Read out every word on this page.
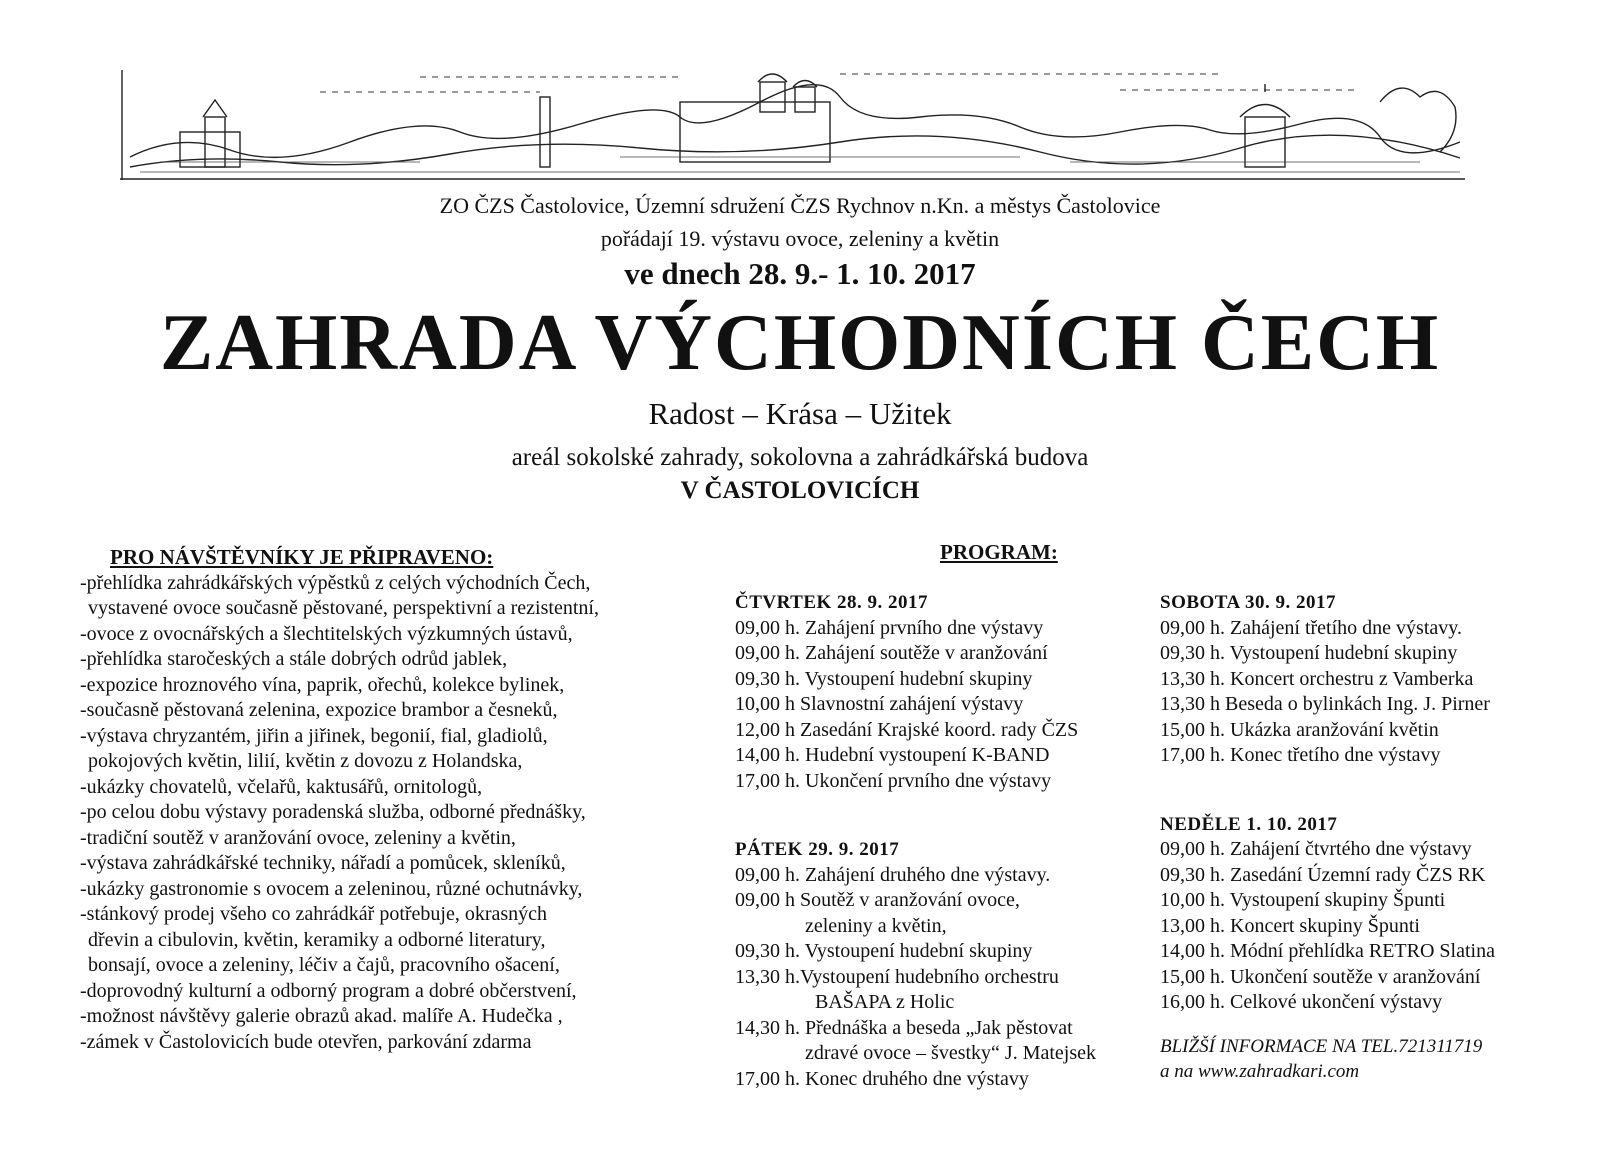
ZO ČZS Častolovice, Územní sdružení ČZS Rychnov n.Kn. a městys Častolovice
pořádají 19. výstavu ovoce, zeleniny a květin
ve dnech 28. 9.- 1. 10. 2017
ZAHRADA VÝCHODNÍCH ČECH
Radost – Krása – Užitek
areál sokolské zahrady, sokolovna a zahrádkářská budova
V ČASTOLOVICÍCH
PRO NÁVŠTĚVNÍKY JE PŘIPRAVENO:
-přehlídka zahrádkářských výpěstků z celých východních Čech,
vystavené ovoce současně pěstované, perspektivní a rezistentní,
-ovoce z ovocnářských a šlechtitelských výzkumných ústavů,
-přehlídka staročeských a stále dobrých odrůd jablek,
-expozice hroznového vína, paprik, ořechů, kolekce bylinek,
-současně pěstovaná zelenina, expozice brambor a česneků,
-výstava chryzantém, jiřin a jiřinek, begonií, fial, gladiolů,
pokojových květin, lilií, květin z dovozu z Holandska,
-ukázky chovatelů, včelařů, kaktusářů, ornitologů,
-po celou dobu výstavy poradenská služba, odborné přednášky,
-tradiční soutěž v aranžování ovoce, zeleniny a květin,
-výstava zahrádkářské techniky, nářadí a pomůcek, skleníků,
-ukázky gastronomie s ovocem a zeleninou, různé ochutnávky,
-stánkový prodej všeho co zahrádkář potřebuje, okrasných
dřevin a cibulovin, květin, keramiky a odborné literatury,
bonsají, ovoce a zeleniny, léčiv a čajů, pracovního ošacení,
-doprovodný kulturní a odborný program a dobré občerstvení,
-možnost návštěvy galerie obrazů akad. malíře A. Hudečka ,
-zámek v Častolovicích bude otevřen, parkování zdarma
PROGRAM:
ČTVRTEK 28. 9. 2017
09,00 h. Zahájení prvního dne výstavy
09,00 h. Zahájení soutěže v aranžování
09,30 h. Vystoupení hudební skupiny
10,00 h Slavnostní zahájení výstavy
12,00 h Zasedání Krajské koord. rady ČZS
14,00 h. Hudební vystoupení K-BAND
17,00 h. Ukončení prvního dne výstavy
PÁTEK 29. 9. 2017
09,00 h. Zahájení druhého dne výstavy.
09,00 h Soutěž v aranžování ovoce,
zeleniny a květin,
09,30 h. Vystoupení hudební skupiny
13,30 h.Vystoupení hudebního orchestru
BAŠAPA z Holic
14,30 h. Přednáška a beseda „Jak pěstovat
zdravé ovoce – švestky“ J. Matejsek
17,00 h. Konec druhého dne výstavy
SOBOTA 30. 9. 2017
09,00 h. Zahájení třetího dne výstavy.
09,30 h. Vystoupení hudební skupiny
13,30 h. Koncert orchestru z Vamberka
13,30 h Beseda o bylinkách Ing. J. Pirner
15,00 h. Ukázka aranžování květin
17,00 h. Konec třetího dne výstavy
NEDĚLE 1. 10. 2017
09,00 h. Zahájení čtvrtého dne výstavy
09,30 h. Zasedání Územní rady ČZS RK
10,00 h. Vystoupení skupiny Špunti
13,00 h. Koncert skupiny Špunti
14,00 h. Módní přehlídka RETRO Slatina
15,00 h. Ukončení soutěže v aranžování
16,00 h. Celkové ukončení výstavy
BLIŽŠÍ INFORMACE NA TEL.721311719
a na www.zahradkari.com
